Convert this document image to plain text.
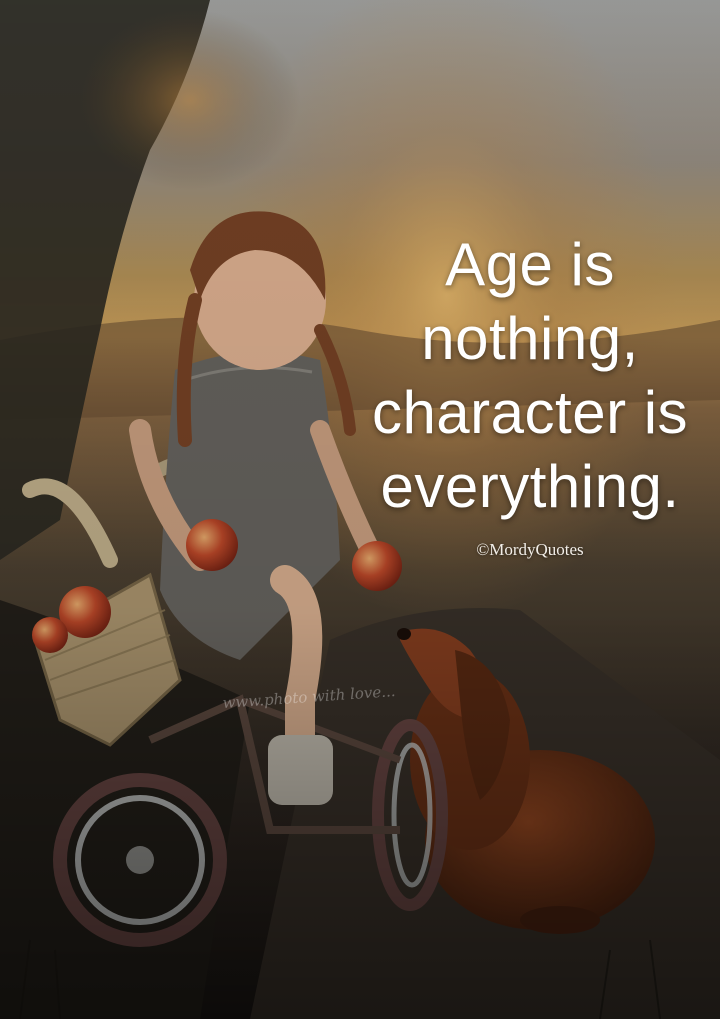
Age is
nothing,
character is
everything.
©MordyQuotes
www.photo with love...
